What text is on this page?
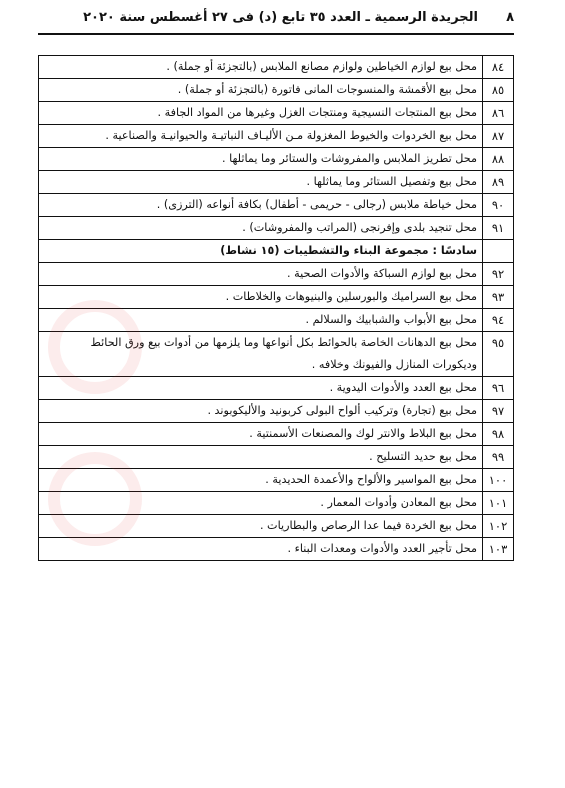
٨
الجريدة الرسمية ـ العدد ٣٥ تابع (د) فى ٢٧ أغسطس سنة ٢٠٢٠
٨٤	محل بيع لوازم الخياطين ولوازم مصانع الملابس (بالتجزئة أو جملة) .
٨٥	محل بيع الأقمشة والمنسوجات المانى فاتورة (بالتجزئة أو جملة) .
٨٦	محل بيع المنتجات النسيجية ومنتجات الغزل وغيرها من المواد الجافة .
٨٧	محل بيع الخردوات والخيوط المغزولة مـن الأليـاف النباتيـة والحيوانيـة والصناعية .
٨٨	محل تطريز الملابس والمفروشات والستائر وما يماثلها .
٨٩	محل بيع وتفصيل الستائر وما يماثلها .
٩٠	محل خياطة ملابس (رجالى - حريمى - أطفال) بكافة أنواعه (الترزى) .
٩١	محل تنجيد بلدى وإفرنجى (المراتب والمفروشات) .
	سادسًا : مجموعة البناء والتشطيبات (١٥ نشاط)
٩٢	محل بيع لوازم السباكة والأدوات الصحية .
٩٣	محل بيع السراميك والبورسلين والبنيوهات والخلاطات .
٩٤	محل بيع الأبواب والشبابيك والسلالم .
٩٥	محل بيع الدهانات الخاصة بالحوائط بكل أنواعها وما يلزمها من أدوات بيع ورق الحائط وديكورات المنازل والفيونك وخلافه .
٩٦	محل بيع العدد والأدوات اليدوية .
٩٧	محل بيع (تجارة) وتركيب ألواح البولى كربونيد والأليكوبوند .
٩٨	محل بيع البلاط والانتر لوك والمصنعات الأسمنتية .
٩٩	محل بيع حديد التسليح .
١٠٠	محل بيع المواسير والألواح والأعمدة الحديدية .
١٠١	محل بيع المعادن وأدوات المعمار .
١٠٢	محل بيع الخردة فيما عدا الرصاص والبطاريات .
١٠٣	محل تأجير العدد والأدوات ومعدات البناء .
